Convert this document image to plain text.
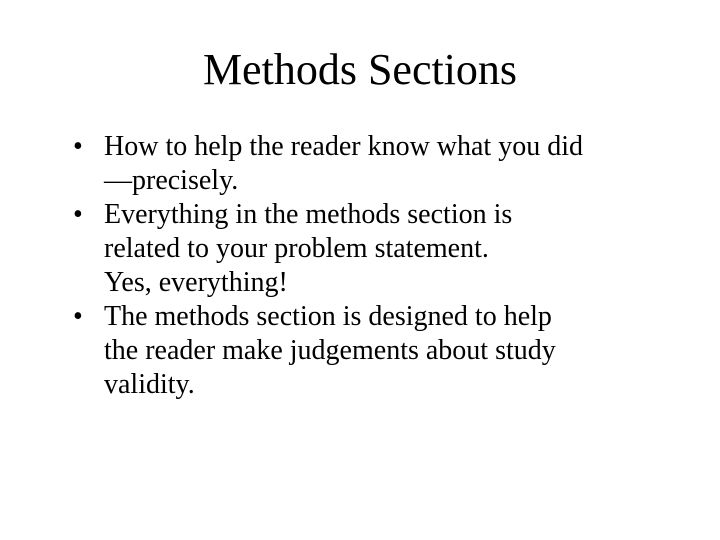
Methods Sections
• How to help the reader know what you did
—precisely.
• Everything in the methods section is
related to your problem statement.
Yes, everything!
• The methods section is designed to help
the reader make judgements about study
validity.
